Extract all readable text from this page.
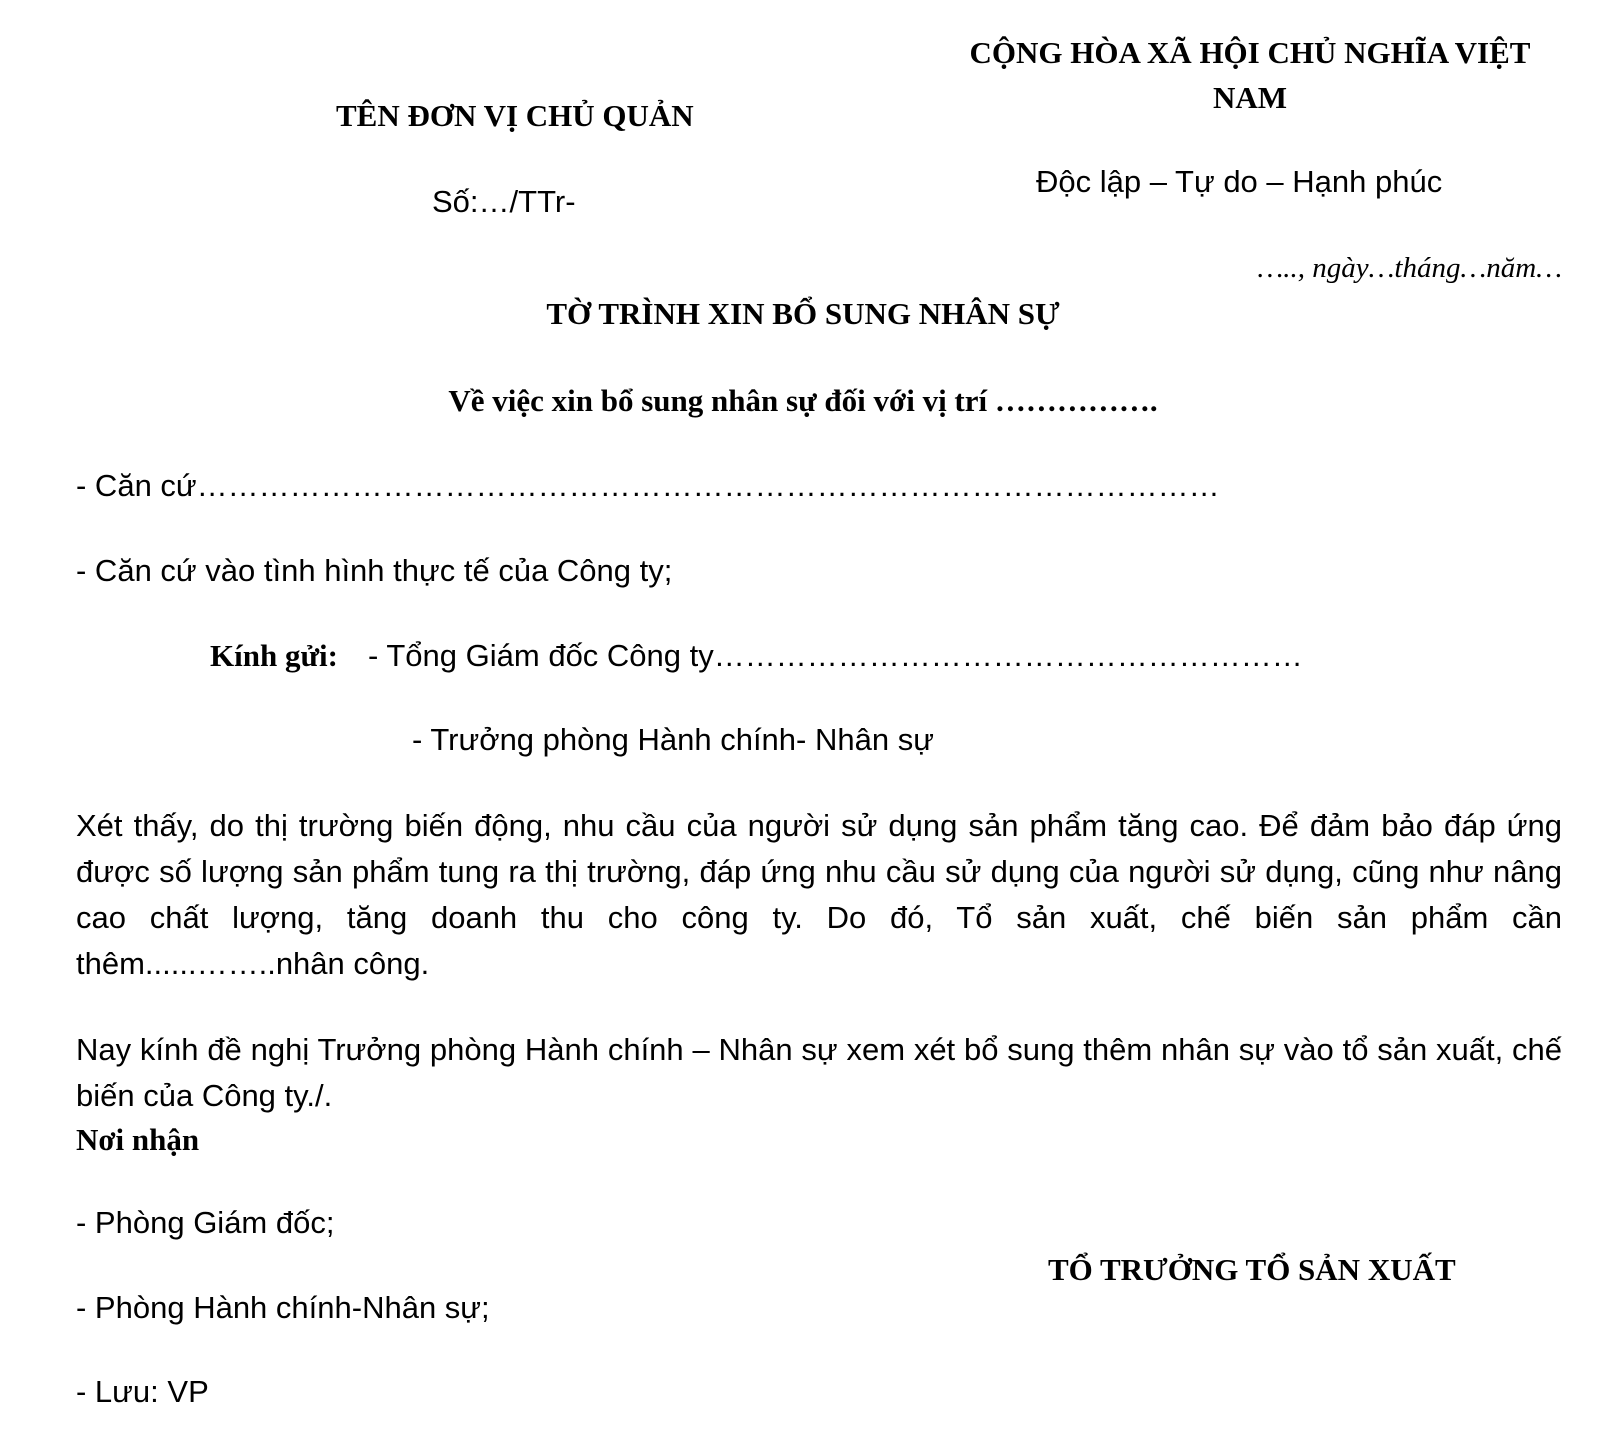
TÊN ĐƠN VỊ CHỦ QUẢN
CỘNG HÒA XÃ HỘI CHỦ NGHĨA VIỆT
NAM
Số:…/TTr-
Độc lập – Tự do – Hạnh phúc
….., ngày…tháng…năm…
TỜ TRÌNH XIN BỔ SUNG NHÂN SỰ
Về việc xin bổ sung nhân sự đối với vị trí …………….
- Căn cứ………………………………………………………………………………………
- Căn cứ vào tình hình thực tế của Công ty;
Kính gửi: - Tổng Giám đốc Công ty…………………………………………………
- Trưởng phòng Hành chính- Nhân sự
Xét thấy, do thị trường biến động, nhu cầu của người sử dụng sản phẩm tăng cao. Để đảm bảo đáp ứng được số lượng sản phẩm tung ra thị trường, đáp ứng nhu cầu sử dụng của người sử dụng, cũng như nâng cao chất lượng, tăng doanh thu cho công ty. Do đó, Tổ sản xuất, chế biến sản phẩm cần thêm......……..nhân công.
Nay kính đề nghị Trưởng phòng Hành chính – Nhân sự xem xét bổ sung thêm nhân sự vào tổ sản xuất, chế biến của Công ty./.
Nơi nhận
- Phòng Giám đốc;
- Phòng Hành chính-Nhân sự;
- Lưu: VP
TỔ TRƯỞNG TỔ SẢN XUẤT
